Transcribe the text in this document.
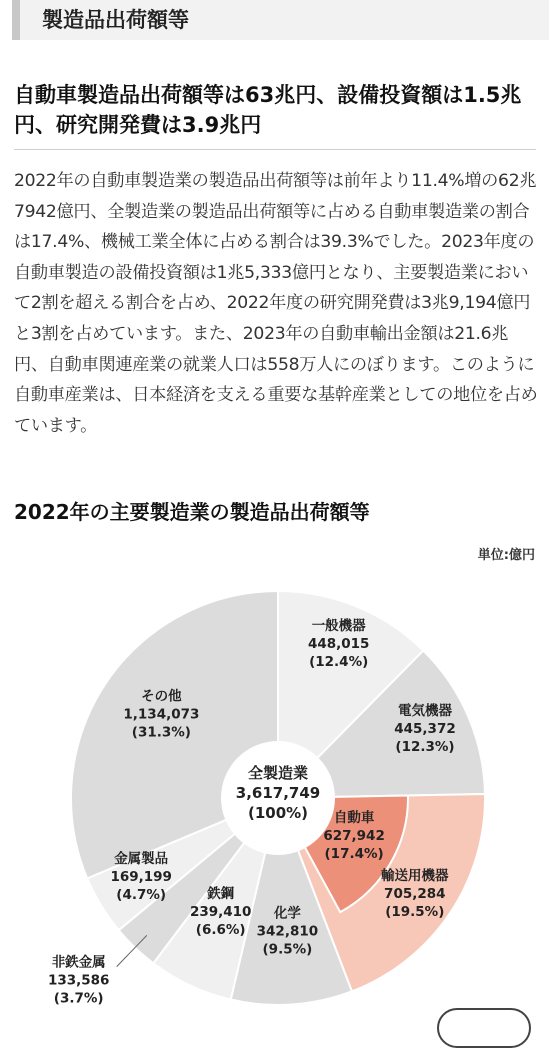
製造品出荷額等
自動車製造品出荷額等は63兆円、設備投資額は1.5兆円、研究開発費は3.9兆円

2022年の自動車製造業の製造品出荷額等は前年より11.4%増の62兆7942億円、全製造業の製造品出荷額等に占める自動車製造業の割合は17.4%、機械工業全体に占める割合は39.3%でした。2023年度の自動車製造の設備投資額は1兆5,333億円となり、主要製造業において2割を超える割合を占め、2022年度の研究開発費は3兆9,194億円と3割を占めています。また、2023年の自動車輸出金額は21.6兆円、自動車関連産業の就業人口は558万人にのぼります。このように自動車産業は、日本経済を支える重要な基幹産業としての地位を占めています。

2022年の主要製造業の製造品出荷額等
単位:億円
一般機器 448,015 (12.4%)
電気機器 445,372 (12.3%)
自動車 627,942 (17.4%)
輸送用機器 705,284 (19.5%)
化学 342,810 (9.5%)
鉄鋼 239,410 (6.6%)
非鉄金属 133,586 (3.7%)
金属製品 169,199 (4.7%)
その他 1,134,073 (31.3%)
全製造業 3,617,749 (100%)
